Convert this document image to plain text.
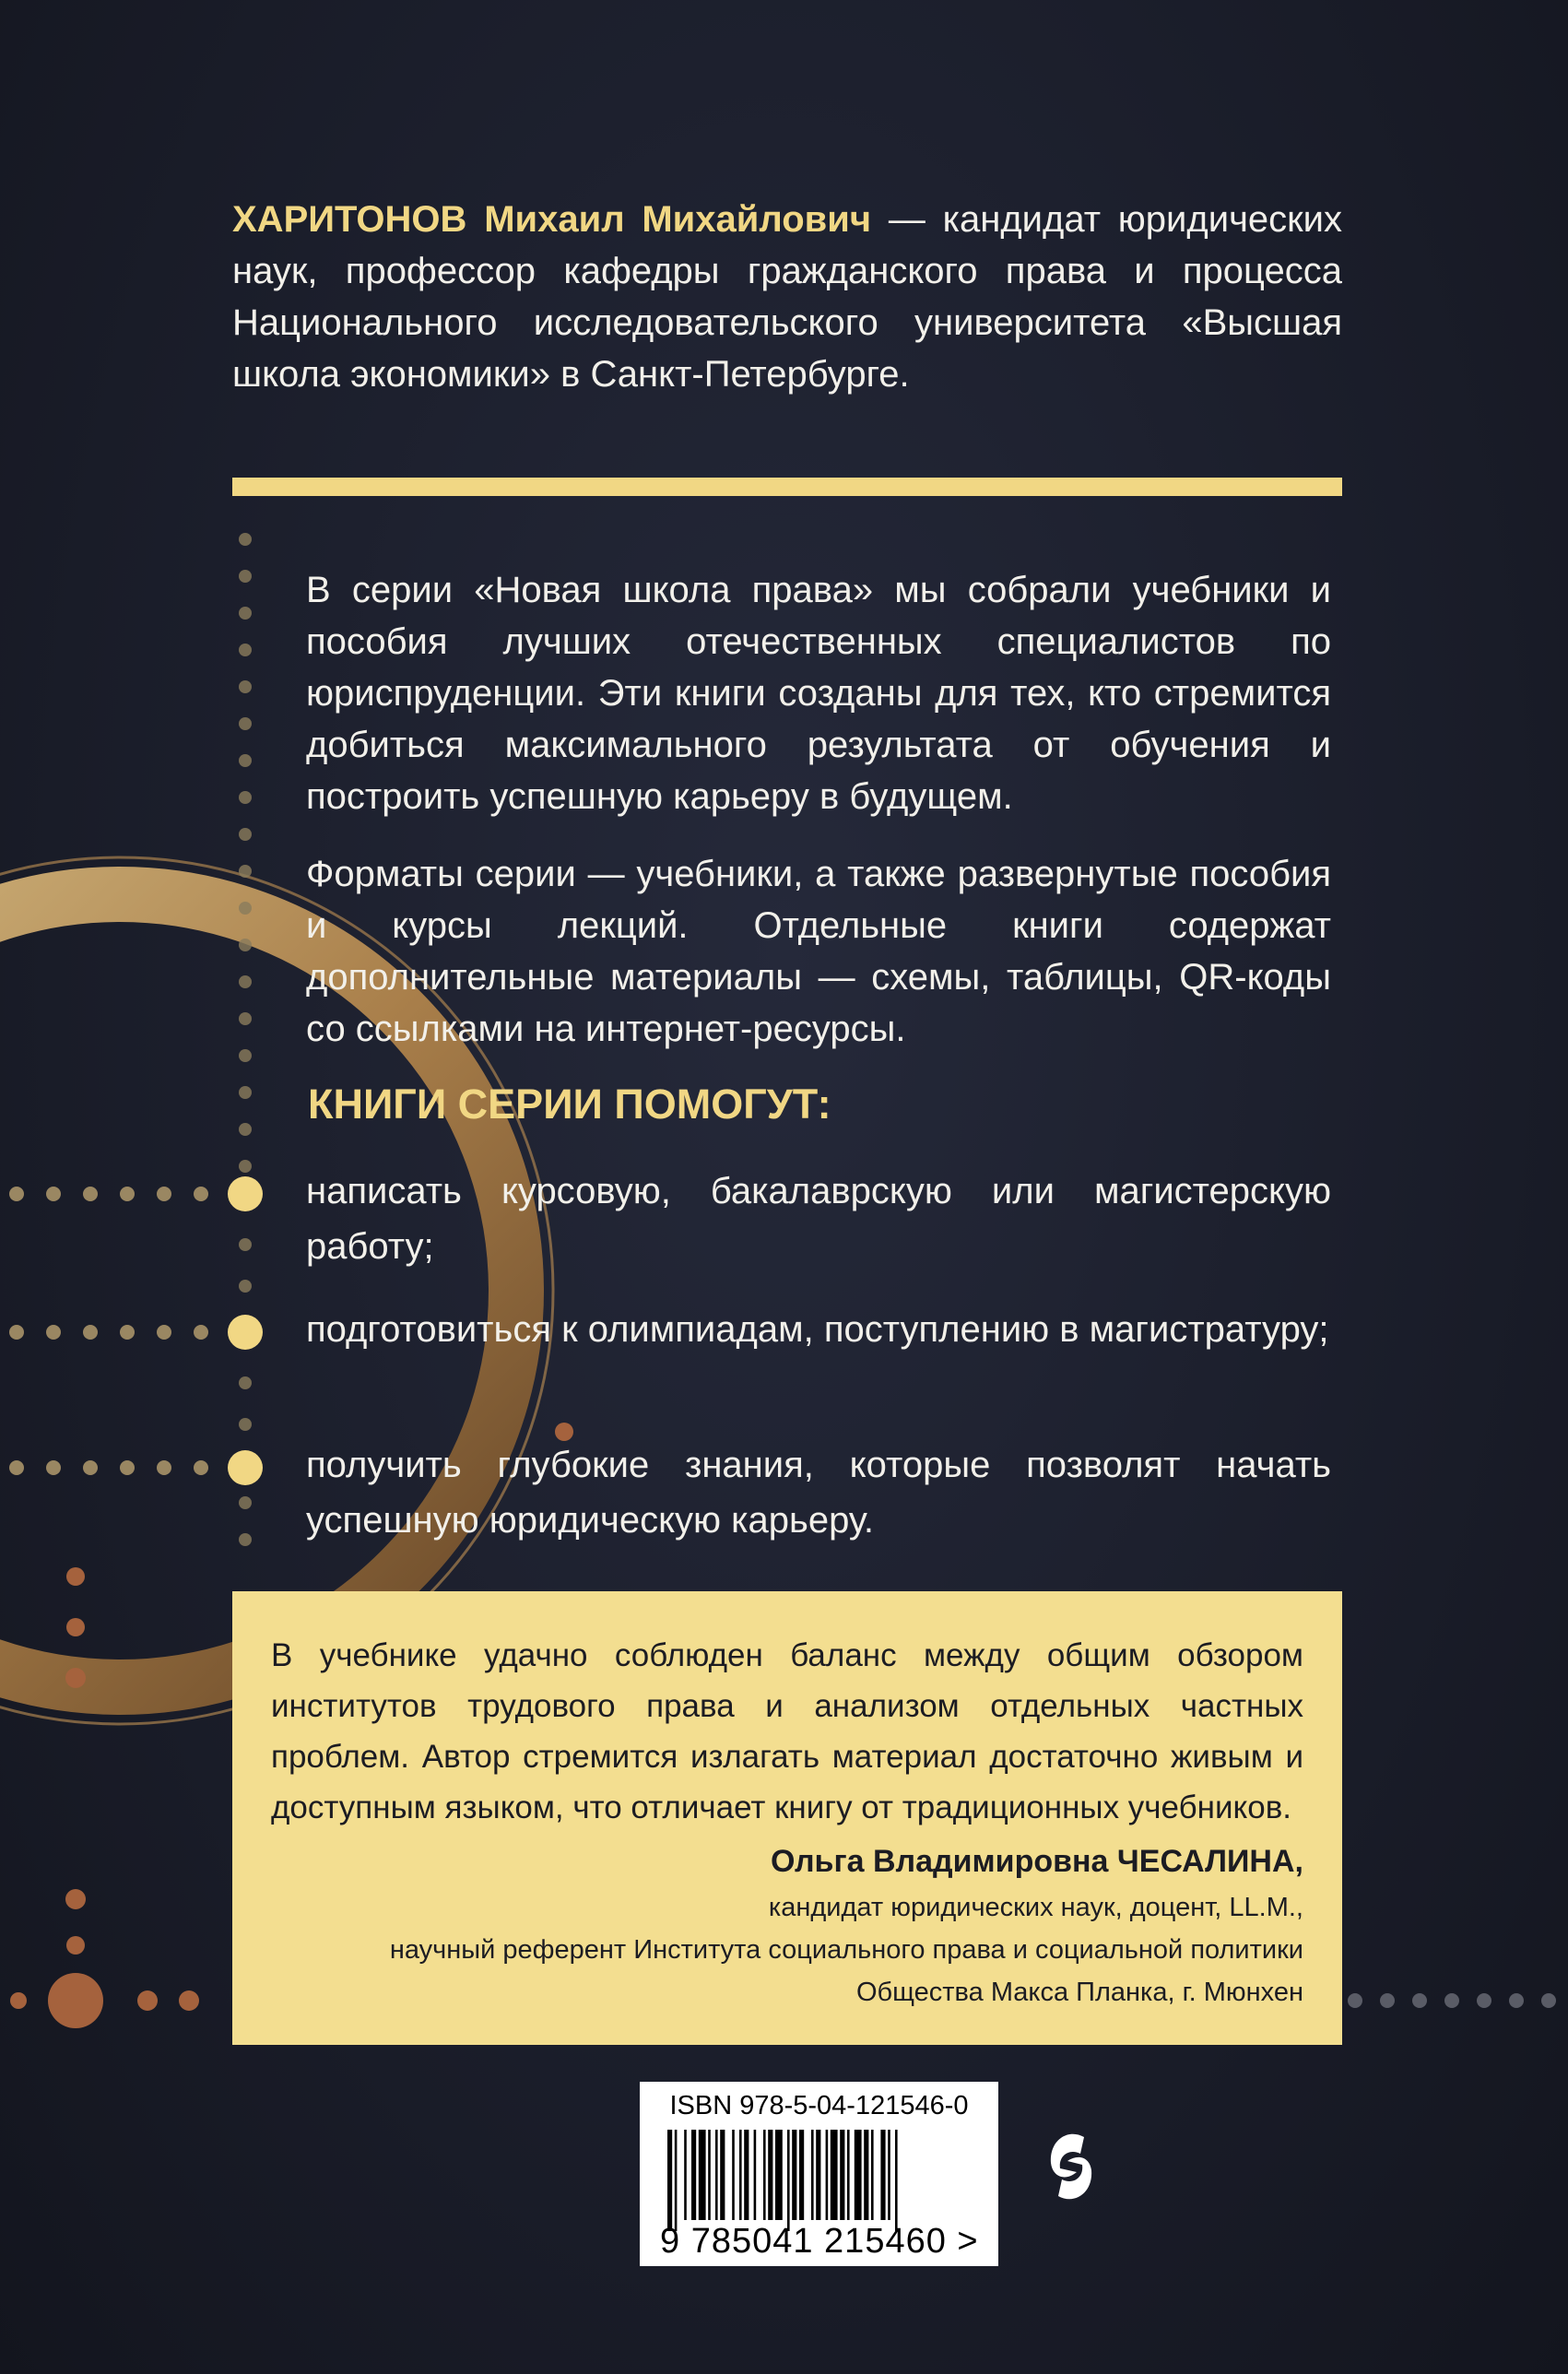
ХАРИТОНОВ Михаил Михайлович — кандидат юридических наук, профессор кафедры гражданского права и процесса Национального исследовательского университета «Высшая школа экономики» в Санкт-Петербурге.

В серии «Новая школа права» мы собрали учебники и пособия лучших отечественных специалистов по юриспруденции. Эти книги созданы для тех, кто стремится добиться максимального результата от обучения и построить успешную карьеру в будущем.

Форматы серии — учебники, а также развернутые пособия и курсы лекций. Отдельные книги содержат дополнительные материалы — схемы, таблицы, QR-коды со ссылками на интернет-ресурсы.

КНИГИ СЕРИИ ПОМОГУТ:
написать курсовую, бакалаврскую или магистерскую работу;
подготовиться к олимпиадам, поступлению в магистратуру;
получить глубокие знания, которые позволят начать успешную юридическую карьеру.

В учебнике удачно соблюден баланс между общим обзором институтов трудового права и анализом отдельных частных проблем. Автор стремится излагать материал достаточно живым и доступным языком, что отличает книгу от традиционных учебников.

Ольга Владимировна ЧЕСАЛИНА,
кандидат юридических наук, доцент, LL.M.,
научный референт Института социального права и социальной политики
Общества Макса Планка, г. Мюнхен
ISBN 978-5-04-121546-0
9 785041 215460 >
